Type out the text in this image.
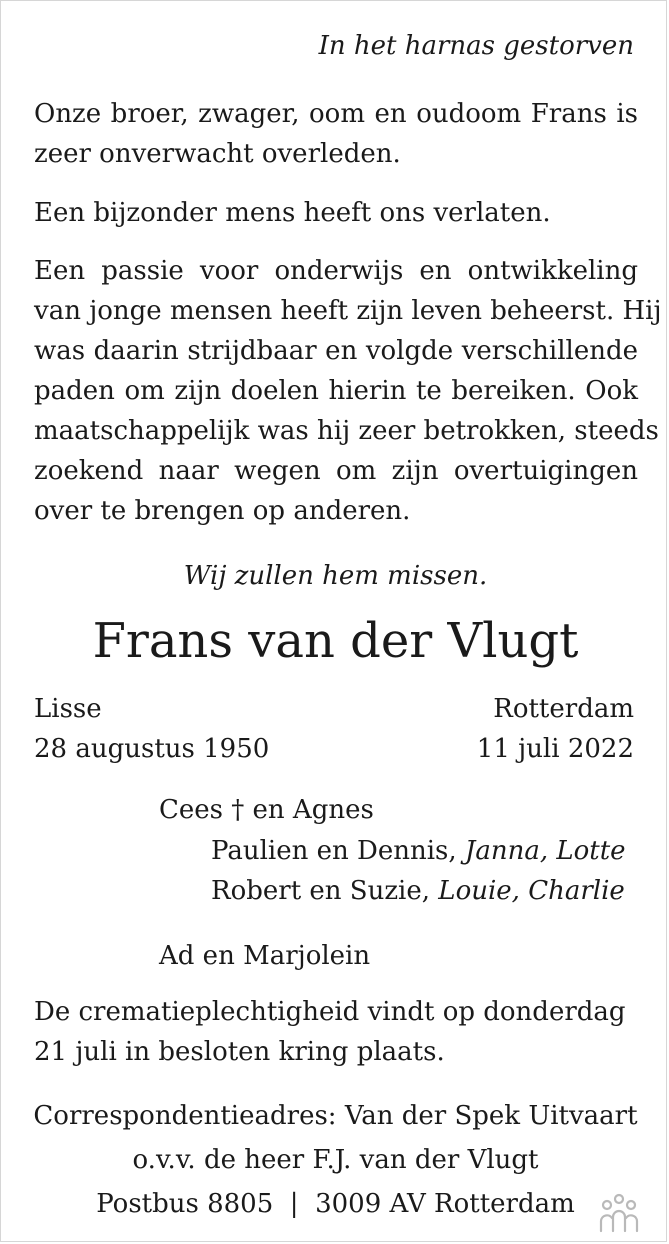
In het harnas gestorven
Onze broer, zwager, oom en oudoom Frans is
zeer onverwacht overleden.
Een bijzonder mens heeft ons verlaten.
Een passie voor onderwijs en ontwikkeling
van jonge mensen heeft zijn leven beheerst. Hij
was daarin strijdbaar en volgde verschillende
paden om zijn doelen hierin te bereiken. Ook
maatschappelijk was hij zeer betrokken, steeds
zoekend naar wegen om zijn overtuigingen
over te brengen op anderen.
Wij zullen hem missen.
Frans van der Vlugt
Lisse	Rotterdam
28 augustus 1950	11 juli 2022
Cees † en Agnes
Paulien en Dennis, Janna, Lotte
Robert en Suzie, Louie, Charlie
Ad en Marjolein
De crematieplechtigheid vindt op donderdag
21 juli in besloten kring plaats.
Correspondentieadres: Van der Spek Uitvaart
o.v.v. de heer F.J. van der Vlugt
Postbus 8805  |  3009 AV Rotterdam
